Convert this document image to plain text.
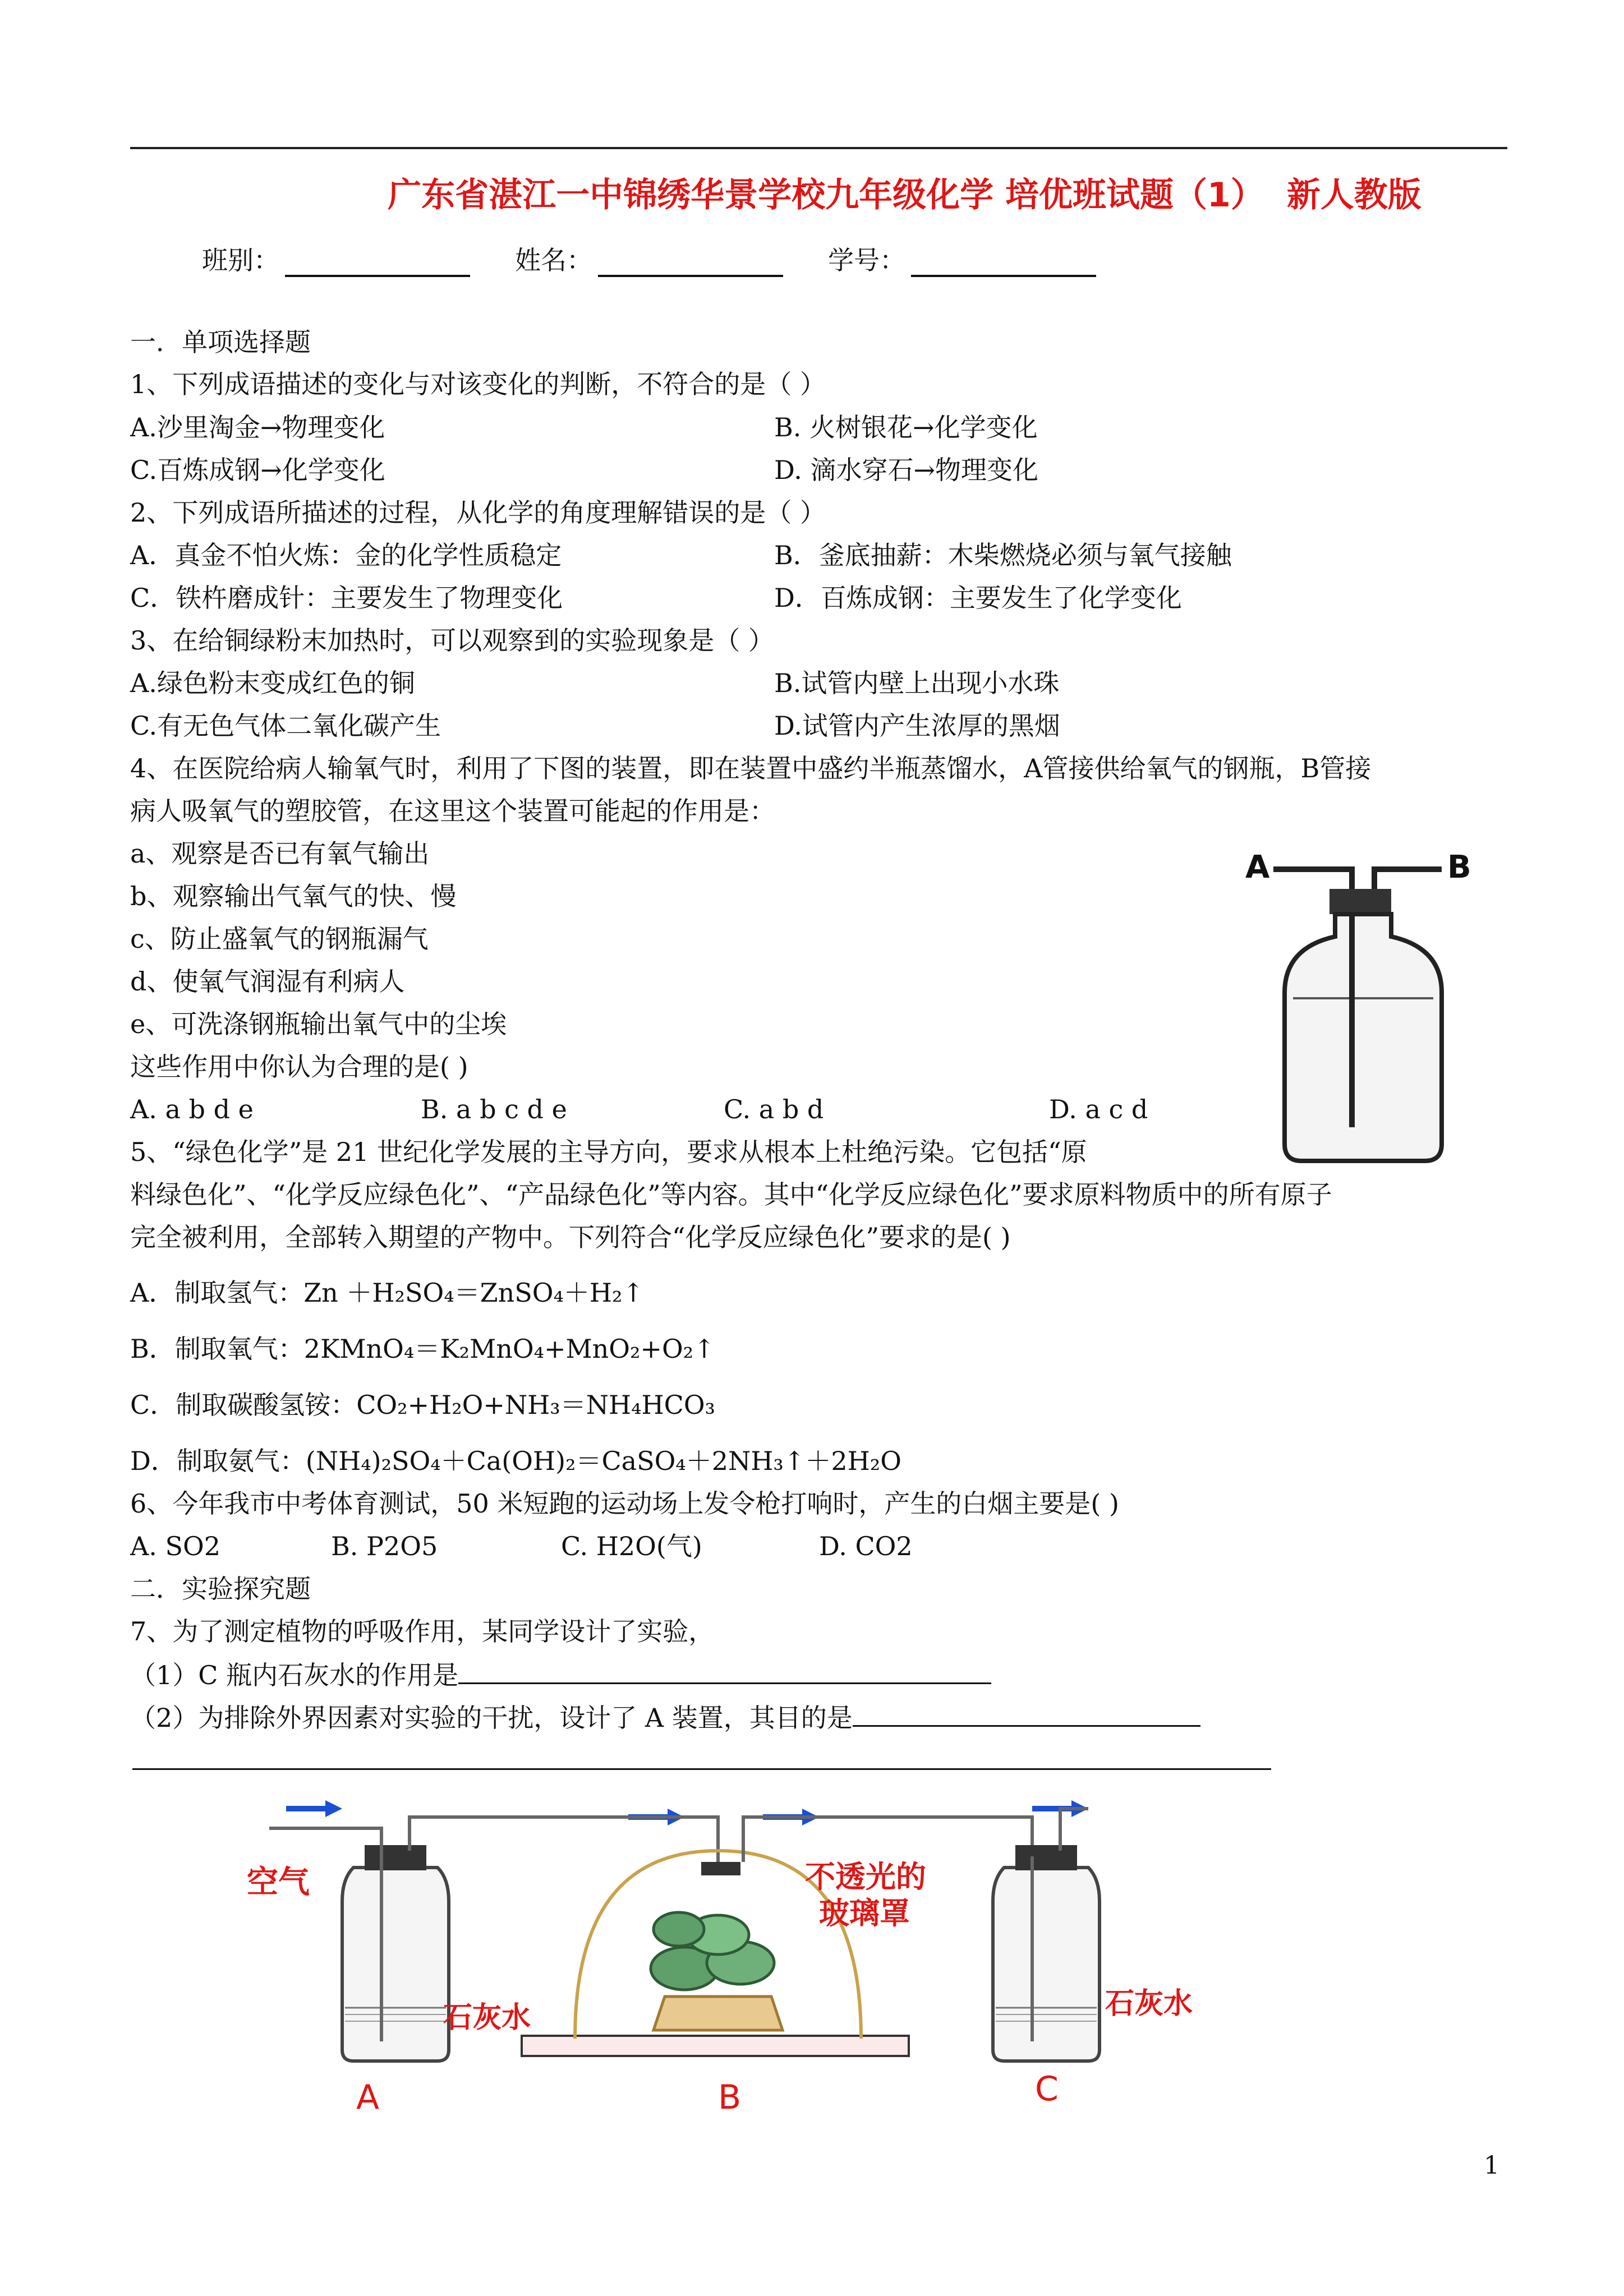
广东省湛江一中锦绣华景学校九年级化学 培优班试题（1） 新人教版
班别：	姓名：	学号：
一．单项选择题
1、下列成语描述的变化与对该变化的判断，不符合的是（ ）
A.沙里淘金→物理变化	B. 火树银花→化学变化
C.百炼成钢→化学变化	D. 滴水穿石→物理变化
2、下列成语所描述的过程，从化学的角度理解错误的是（ ）
A．真金不怕火炼：金的化学性质稳定	B．釜底抽薪：木柴燃烧必须与氧气接触
C．铁杵磨成针：主要发生了物理变化	D．百炼成钢：主要发生了化学变化
3、在给铜绿粉末加热时，可以观察到的实验现象是（ ）
A.绿色粉末变成红色的铜	B.试管内壁上出现小水珠
C.有无色气体二氧化碳产生	D.试管内产生浓厚的黑烟
4、在医院给病人输氧气时，利用了下图的装置，即在装置中盛约半瓶蒸馏水，A管接供给氧气的钢瓶，B管接
病人吸氧气的塑胶管，在这里这个装置可能起的作用是：
a、观察是否已有氧气输出
b、观察输出气氧气的快、慢
c、防止盛氧气的钢瓶漏气
d、使氧气润湿有利病人
e、可洗涤钢瓶输出氧气中的尘埃
这些作用中你认为合理的是( )
A. a b d e	B. a b c d e	C. a b d	D. a c d
A	B
5、“绿色化学”是 21 世纪化学发展的主导方向，要求从根本上杜绝污染。它包括“原
料绿色化”、“化学反应绿色化”、“产品绿色化”等内容。其中“化学反应绿色化”要求原料物质中的所有原子
完全被利用，全部转入期望的产物中。下列符合“化学反应绿色化”要求的是( )
A．制取氢气：Zn ＋H₂SO₄＝ZnSO₄＋H₂↑
B．制取氧气：2KMnO₄＝K₂MnO₄+MnO₂+O₂↑
C．制取碳酸氢铵：CO₂+H₂O+NH₃＝NH₄HCO₃
D．制取氨气：(NH₄)₂SO₄＋Ca(OH)₂＝CaSO₄＋2NH₃↑＋2H₂O
6、今年我市中考体育测试，50 米短跑的运动场上发令枪打响时，产生的白烟主要是( )
A. SO2	B. P2O5	C. H2O(气)	D. CO2
二．实验探究题
7、为了测定植物的呼吸作用，某同学设计了实验，
（1）C 瓶内石灰水的作用是
（2）为排除外界因素对实验的干扰，设计了 A 装置，其目的是
空气
石灰水
不透光的
玻璃罩
石灰水
A	B	C
1
